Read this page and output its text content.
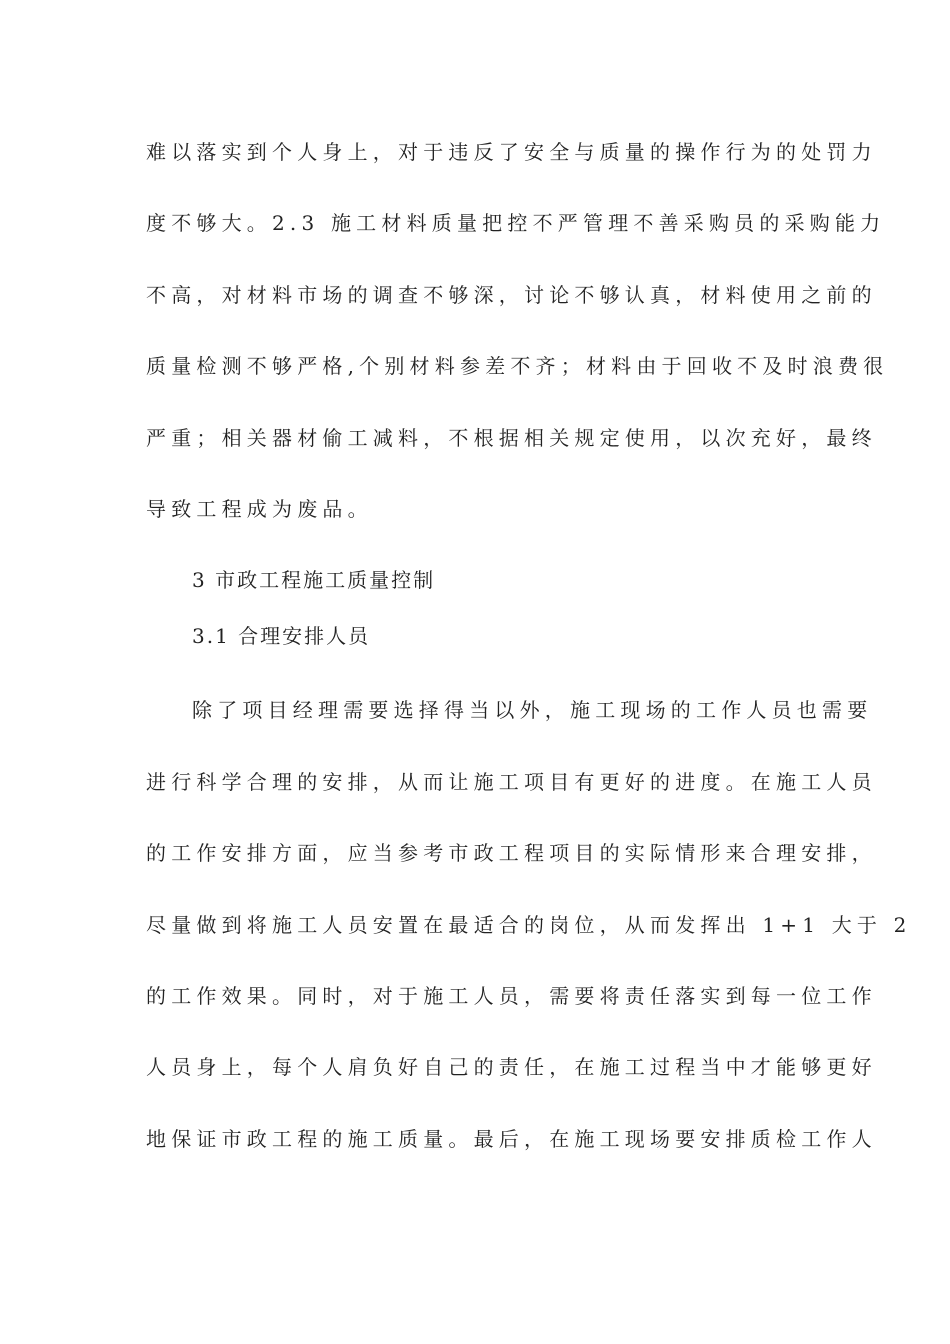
难以落实到个人身上，对于违反了安全与质量的操作行为的处罚力
度不够大。2.3 施工材料质量把控不严管理不善采购员的采购能力
不高，对材料市场的调查不够深，讨论不够认真，材料使用之前的
质量检测不够严格,个别材料参差不齐；材料由于回收不及时浪费很
严重；相关器材偷工减料，不根据相关规定使用，以次充好，最终
导致工程成为废品。
3 市政工程施工质量控制
3.1 合理安排人员
除了项目经理需要选择得当以外，施工现场的工作人员也需要
进行科学合理的安排，从而让施工项目有更好的进度。在施工人员
的工作安排方面，应当参考市政工程项目的实际情形来合理安排，
尽量做到将施工人员安置在最适合的岗位，从而发挥出 1+1 大于 2
的工作效果。同时，对于施工人员，需要将责任落实到每一位工作
人员身上，每个人肩负好自己的责任，在施工过程当中才能够更好
地保证市政工程的施工质量。最后，在施工现场要安排质检工作人
